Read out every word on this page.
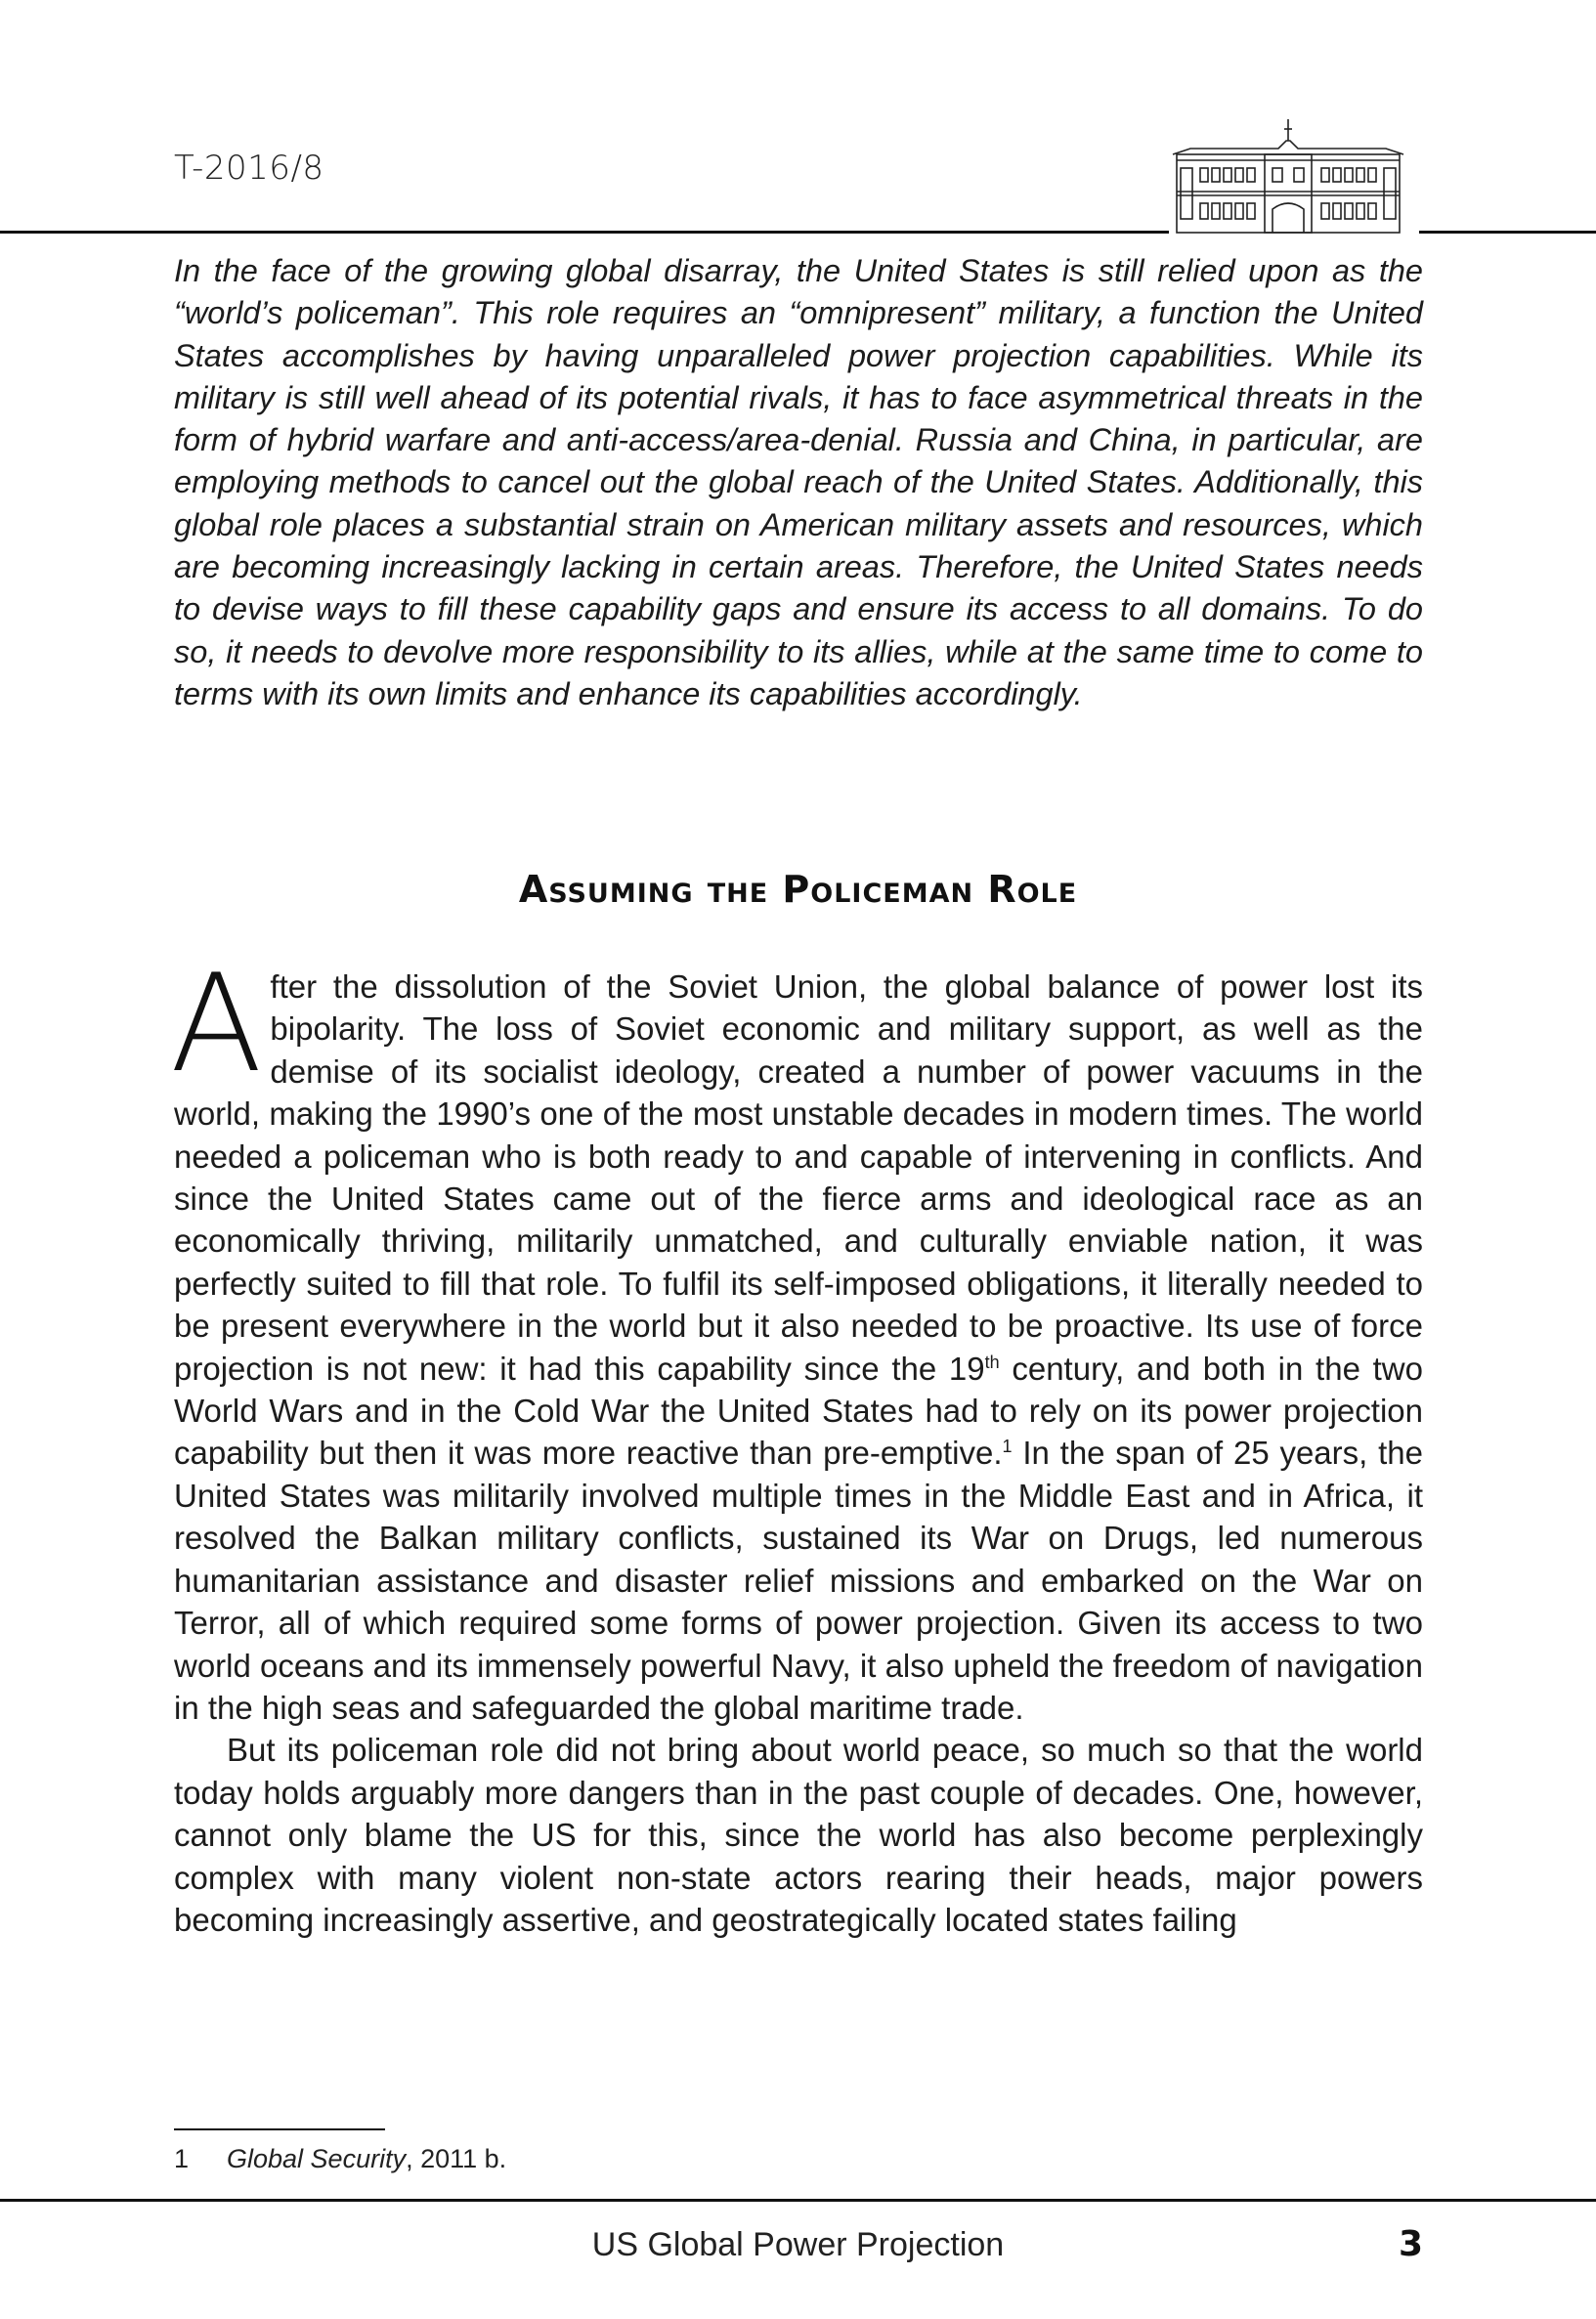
T-2016/8

In the face of the growing global disarray, the United States is still relied upon as the “world’s policeman”. This role requires an “omnipresent” military, a function the United States accomplishes by having unparalleled power projection capabilities. While its military is still well ahead of its potential rivals, it has to face asymmetrical threats in the form of hybrid warfare and anti-access/area-denial. Russia and China, in particular, are employing methods to cancel out the global reach of the United States. Additionally, this global role places a substantial strain on American military assets and resources, which are becoming increasingly lacking in certain areas. Therefore, the United States needs to devise ways to fill these capability gaps and ensure its access to all domains. To do so, it needs to devolve more responsibility to its allies, while at the same time to come to terms with its own limits and enhance its capabilities accordingly.

Assuming the Policeman Role

After the dissolution of the Soviet Union, the global balance of power lost its bipolarity. The loss of Soviet economic and military support, as well as the demise of its socialist ideology, created a number of power vacuums in the world, making the 1990’s one of the most unstable decades in modern times. The world needed a policeman who is both ready to and capable of intervening in conflicts. And since the United States came out of the fierce arms and ideological race as an economically thriving, militarily unmatched, and culturally enviable nation, it was perfectly suited to fill that role. To fulfil its self-imposed obligations, it literally needed to be present everywhere in the world but it also needed to be proactive. Its use of force projection is not new: it had this capability since the 19th century, and both in the two World Wars and in the Cold War the United States had to rely on its power projection capability but then it was more reactive than pre-emptive.$^1$ In the span of 25 years, the United States was militarily involved multiple times in the Middle East and in Africa, it resolved the Balkan military conflicts, sustained its War on Drugs, led numerous humanitarian assistance and disaster relief missions and embarked on the War on Terror, all of which required some forms of power projection. Given its access to two world oceans and its immensely powerful Navy, it also upheld the freedom of navigation in the high seas and safeguarded the global maritime trade.

But its policeman role did not bring about world peace, so much so that the world today holds arguably more dangers than in the past couple of decades. One, however, cannot only blame the US for this, since the world has also become perplexingly complex with many violent non-state actors rearing their heads, major powers becoming increasingly assertive, and geostrategically located states failing

1 Global Security, 2011 b.
US Global Power Projection	3
